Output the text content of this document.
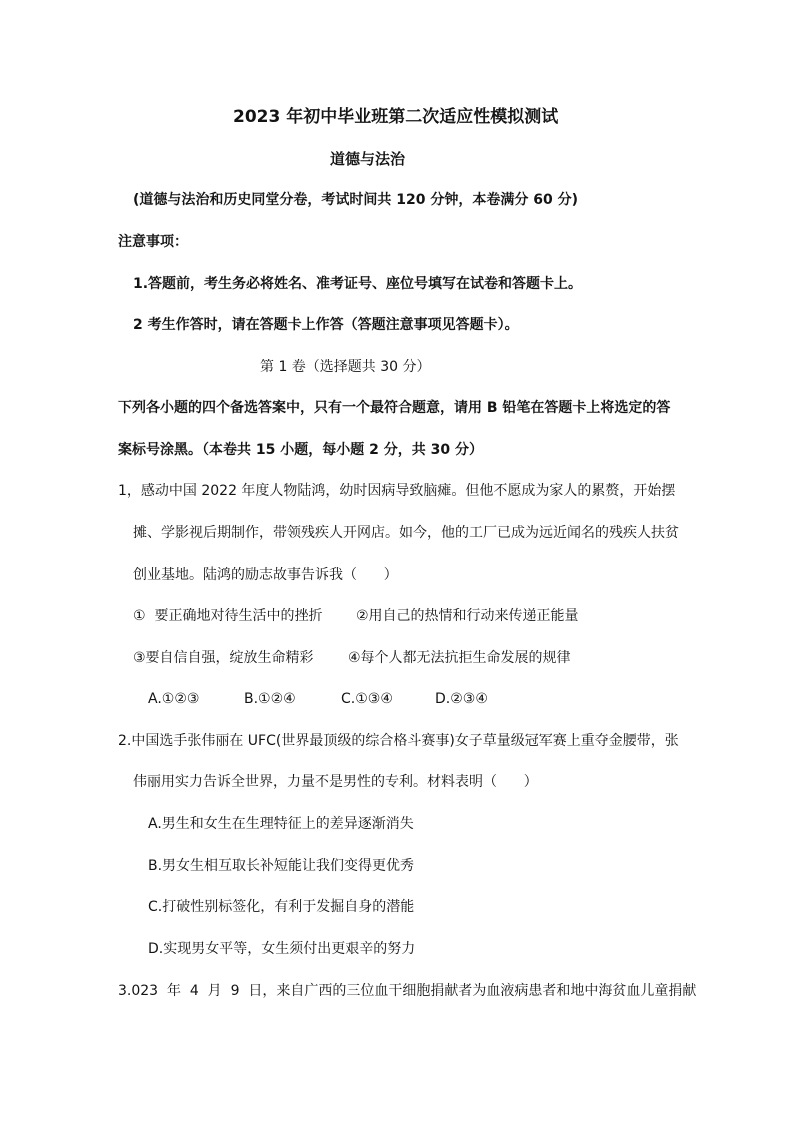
2023 年初中毕业班第二次适应性模拟测试
道德与法治
(道德与法治和历史同堂分卷，考试时间共 120 分钟，本卷满分 60 分)
注意事项：
1.答题前，考生务必将姓名、准考证号、座位号填写在试卷和答题卡上。
2 考生作答时，请在答题卡上作答（答题注意事项见答题卡）。
第 1 卷（选择题共 30 分）
下列各小题的四个备选答案中，只有一个最符合题意，请用 B 铅笔在答题卡上将选定的答
案标号涂黑。（本卷共 15 小题，每小题 2 分，共 30 分）
1，感动中国 2022 年度人物陆鸿，幼时因病导致脑瘫。但他不愿成为家人的累赘，开始摆
摊、学影视后期制作，带领残疾人开网店。如今，他的工厂已成为远近闻名的残疾人扶贫
创业基地。陆鸿的励志故事告诉我（      ）
①  要正确地对待生活中的挫折 ②用自己的热情和行动来传递正能量
③要自信自强，绽放生命精彩 ④每个人都无法抗拒生命发展的规律
A.①②③	B.①②④	C.①③④	D.②③④
2.中国选手张伟丽在 UFC(世界最顶级的综合格斗赛事)女子草量级冠军赛上重夺金腰带，张
伟丽用实力告诉全世界，力量不是男性的专利。材料表明（      ）
A.男生和女生在生理特征上的差异逐渐消失
B.男女生相互取长补短能让我们变得更优秀
C.打破性别标签化，有利于发掘自身的潜能
D.实现男女平等，女生须付出更艰辛的努力
3.023  年  4  月  9  日，来自广西的三位血干细胞捐献者为血液病患者和地中海贫血儿童捐献
